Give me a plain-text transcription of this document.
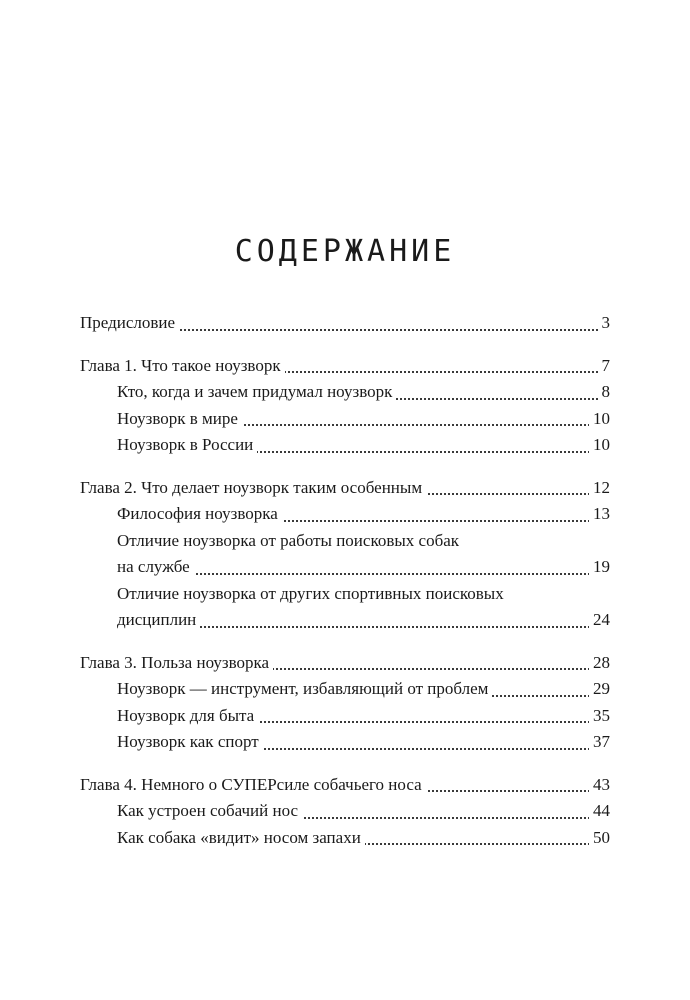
СОДЕРЖАНИЕ
Предисловие	3
Глава 1. Что такое ноузворк	7
Кто, когда и зачем придумал ноузворк	8
Ноузворк в мире	10
Ноузворк в России	10
Глава 2. Что делает ноузворк таким особенным	12
Философия ноузворка	13
Отличие ноузворка от работы поисковых собак
на службе	19
Отличие ноузворка от других спортивных поисковых
дисциплин	24
Глава 3. Польза ноузворка	28
Ноузворк — инструмент, избавляющий от проблем	29
Ноузворк для быта	35
Ноузворк как спорт	37
Глава 4. Немного о СУПЕРсиле собачьего носа	43
Как устроен собачий нос	44
Как собака «видит» носом запахи	50
